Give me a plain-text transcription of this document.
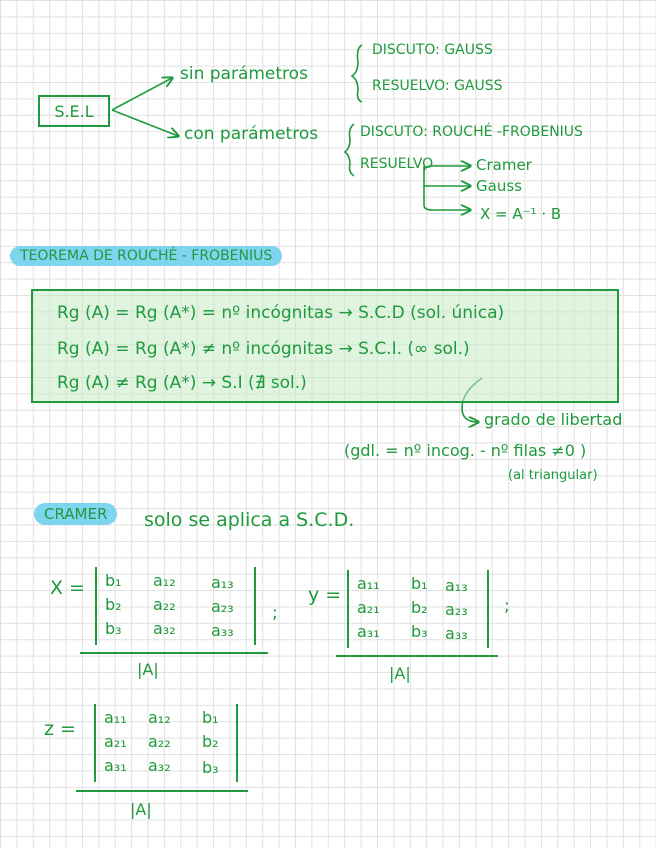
S.E.L
sin parámetros
DISCUTO: GAUSS
RESUELVO: GAUSS
con parámetros	DISCUTO: ROUCHÉ -FROBENIUS
RESUELVO	Cramer
Gauss
X = A⁻¹ · B
TEOREMA DE ROUCHÉ - FROBENIUS
Rg (A) = Rg (A*) = nº incógnitas → S.C.D (sol. única)
Rg (A) = Rg (A*) ≠ nº incógnitas → S.C.I. (∞ sol.)
Rg (A) ≠ Rg (A*) → S.I (∄ sol.)
grado de libertad
(gdl. = nº incog. - nº filas ≠0 )
(al triangular)
CRAMER	solo se aplica a S.C.D.
X = b₁ a₁₂ a₁₃
b₂ a₂₂ a₂₃
b₃ a₃₂ a₃₃
;
|A|
y =
a₁₁ b₁ a₁₃
a₂₁ b₂ a₂₃
a₃₁ b₃ a₃₃
;
|A|
z =
a₁₁ a₁₂ b₁
a₂₁ a₂₂ b₂
a₃₁ a₃₂ b₃
|A|
